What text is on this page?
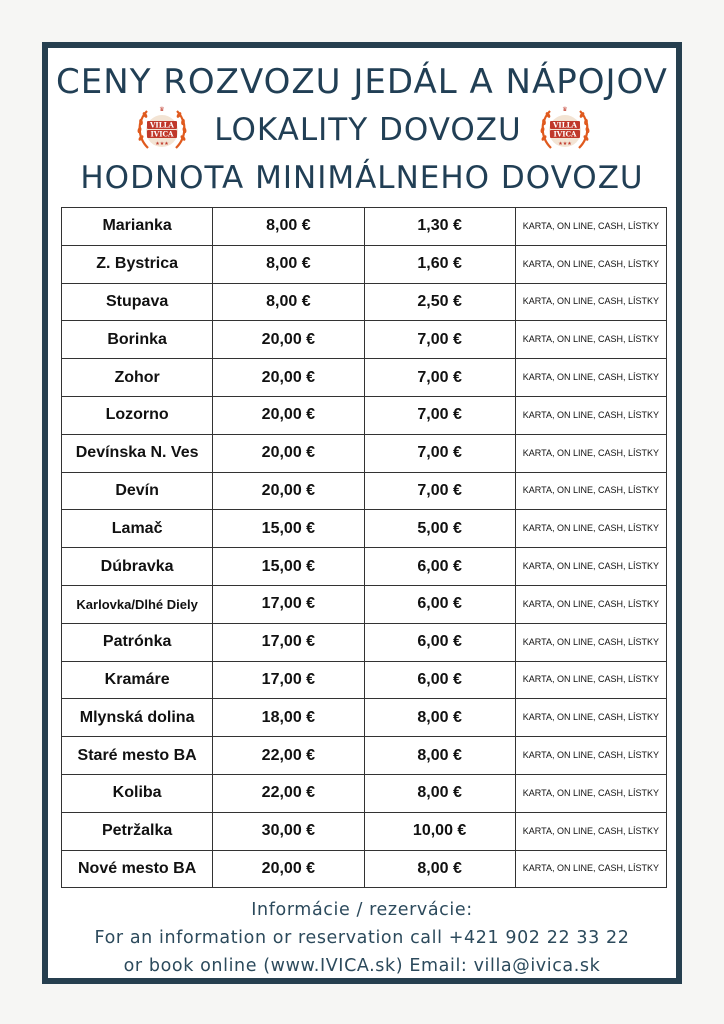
CENY ROZVOZU JEDÁL A NÁPOJOV
♛
VILLA
IVICA
★★★	LOKALITY DOVOZU
♛
VILLA
IVICA
★★★
HODNOTA MINIMÁLNEHO DOVOZU
Marianka	8,00 €	1,30 €	KARTA, ON LINE, CASH, LÍSTKY
Z. Bystrica	8,00 €	1,60 €	KARTA, ON LINE, CASH, LÍSTKY
Stupava	8,00 €	2,50 €	KARTA, ON LINE, CASH, LÍSTKY
Borinka	20,00 €	7,00 €	KARTA, ON LINE, CASH, LÍSTKY
Zohor	20,00 €	7,00 €	KARTA, ON LINE, CASH, LÍSTKY
Lozorno	20,00 €	7,00 €	KARTA, ON LINE, CASH, LÍSTKY
Devínska N. Ves	20,00 €	7,00 €	KARTA, ON LINE, CASH, LÍSTKY
Devín	20,00 €	7,00 €	KARTA, ON LINE, CASH, LÍSTKY
Lamač	15,00 €	5,00 €	KARTA, ON LINE, CASH, LÍSTKY
Dúbravka	15,00 €	6,00 €	KARTA, ON LINE, CASH, LÍSTKY
Karlovka/Dlhé Diely	17,00 €	6,00 €	KARTA, ON LINE, CASH, LÍSTKY
Patrónka	17,00 €	6,00 €	KARTA, ON LINE, CASH, LÍSTKY
Kramáre	17,00 €	6,00 €	KARTA, ON LINE, CASH, LÍSTKY
Mlynská dolina	18,00 €	8,00 €	KARTA, ON LINE, CASH, LÍSTKY
Staré mesto BA	22,00 €	8,00 €	KARTA, ON LINE, CASH, LÍSTKY
Koliba	22,00 €	8,00 €	KARTA, ON LINE, CASH, LÍSTKY
Petržalka	30,00 €	10,00 €	KARTA, ON LINE, CASH, LÍSTKY
Nové mesto BA	20,00 €	8,00 €	KARTA, ON LINE, CASH, LÍSTKY
Informácie / rezervácie:
For an information or reservation call +421 902 22 33 22
or book online (www.IVICA.sk) Email: villa@ivica.sk
